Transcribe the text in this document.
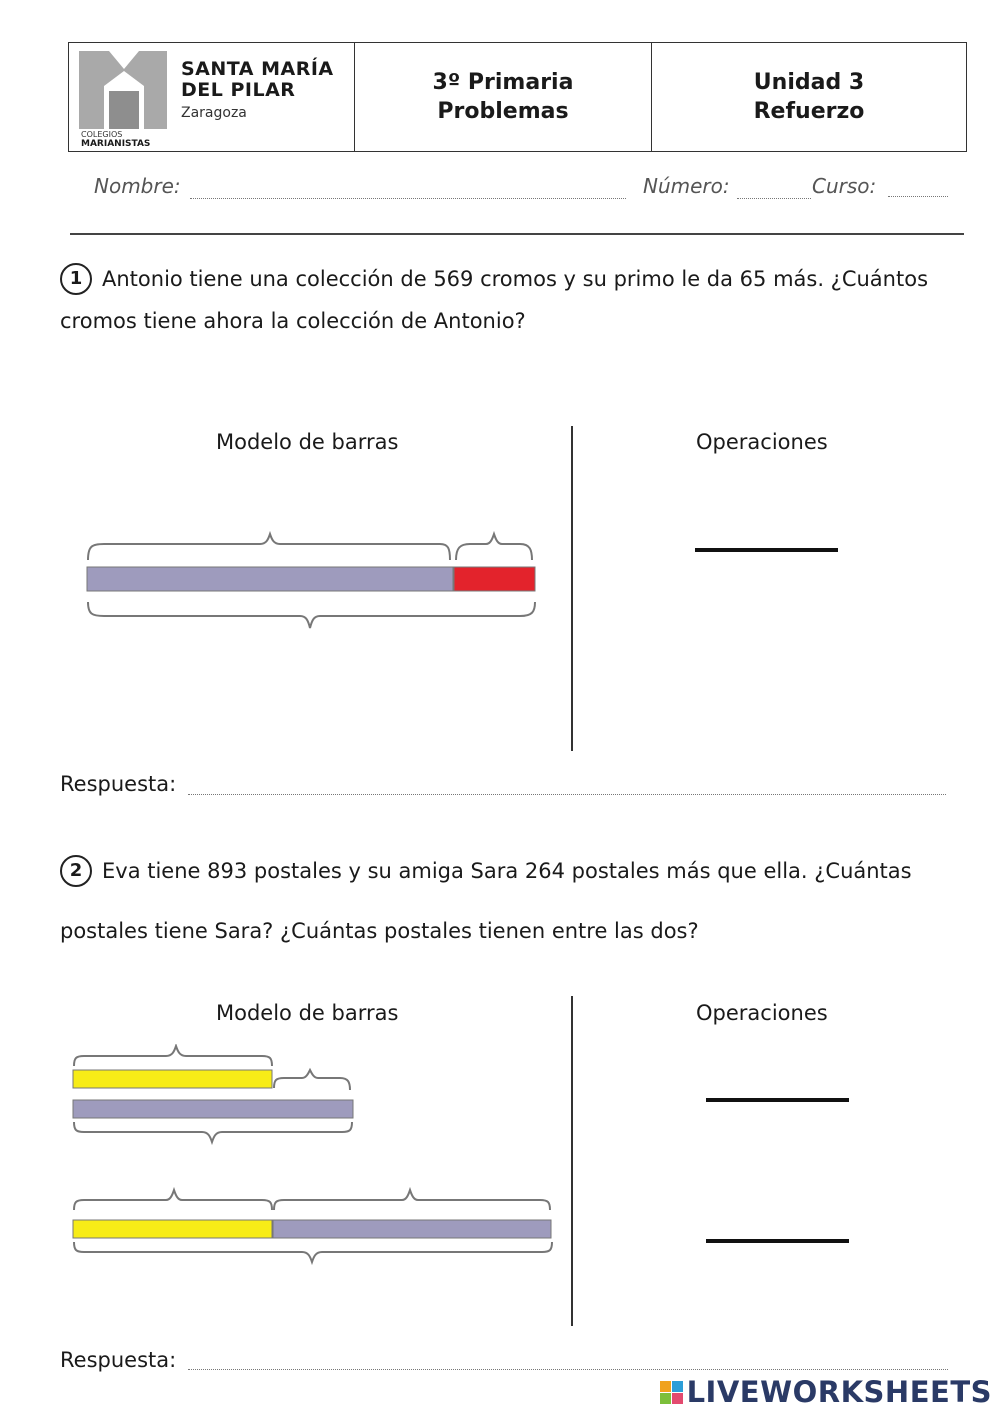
SANTA MARÍA DEL PILAR
Zaragoza
COLEGIOS
MARIANISTAS
3º Primaria
Problemas
Unidad 3
Refuerzo
Nombre:	Número:	Curso:
1 Antonio tiene una colección de 569 cromos y su primo le da 65 más. ¿Cuántos cromos tiene ahora la colección de Antonio?
Modelo de barras	Operaciones
Respuesta:
2 Eva tiene 893 postales y su amiga Sara 264 postales más que ella. ¿Cuántas
postales tiene Sara? ¿Cuántas postales tienen entre las dos?
Modelo de barras	Operaciones
Respuesta:
LIVEWORKSHEETS
